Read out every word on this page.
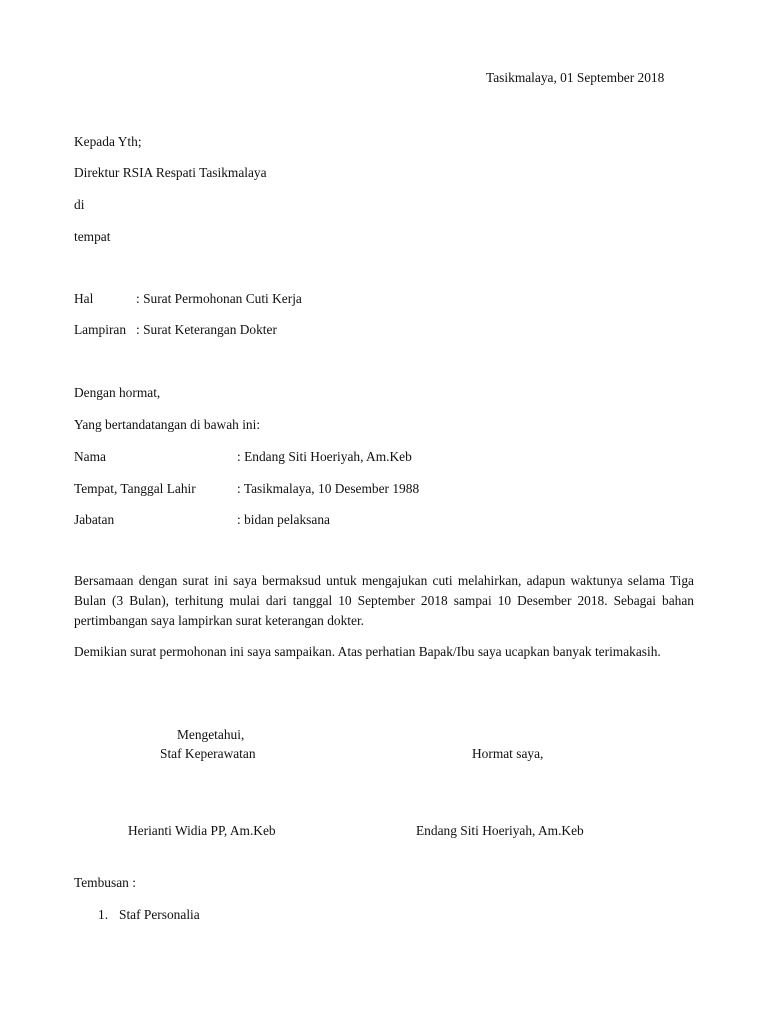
Tasikmalaya, 01 September 2018
Kepada Yth;
Direktur RSIA Respati Tasikmalaya
di
tempat
Hal	: Surat Permohonan Cuti Kerja
Lampiran : Surat Keterangan Dokter
Dengan hormat,
Yang bertandatangan di bawah ini:
Nama	: Endang Siti Hoeriyah, Am.Keb
Tempat, Tanggal Lahir	: Tasikmalaya, 10 Desember 1988
Jabatan	: bidan pelaksana
Bersamaan dengan surat ini saya bermaksud untuk mengajukan cuti melahirkan, adapun waktunya selama Tiga Bulan (3 Bulan), terhitung mulai dari tanggal 10 September 2018 sampai 10 Desember 2018. Sebagai bahan pertimbangan saya lampirkan surat keterangan dokter.
Demikian surat permohonan ini saya sampaikan. Atas perhatian Bapak/Ibu saya ucapkan banyak terimakasih.
Mengetahui,
Staf Keperawatan	Hormat saya,
Herianti Widia PP, Am.Keb	Endang Siti Hoeriyah, Am.Keb
Tembusan :
1. Staf Personalia
